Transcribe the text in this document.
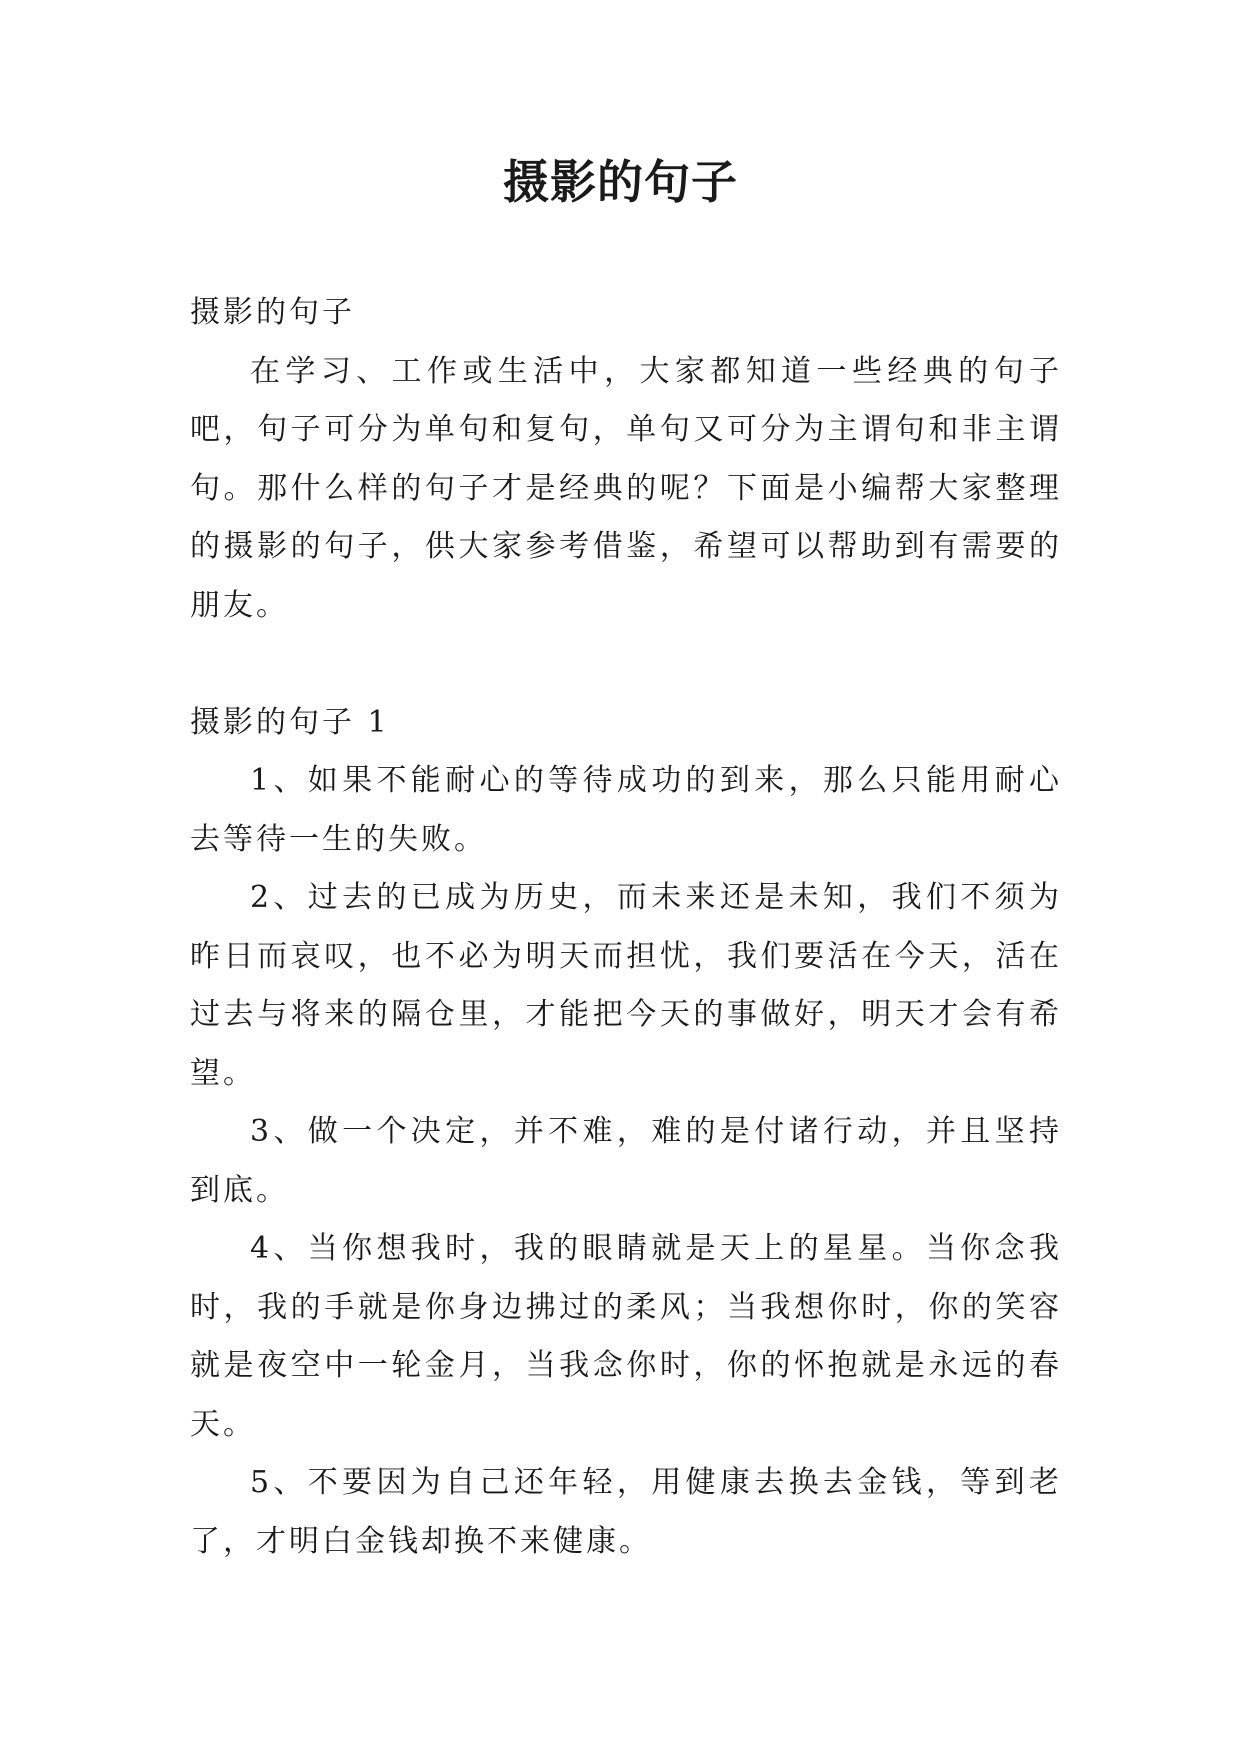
摄影的句子

摄影的句子

在学习、工作或生活中，大家都知道一些经典的句子吧，句子可分为单句和复句，单句又可分为主谓句和非主谓句。那什么样的句子才是经典的呢？下面是小编帮大家整理的摄影的句子，供大家参考借鉴，希望可以帮助到有需要的朋友。

摄影的句子 1

1、如果不能耐心的等待成功的到来，那么只能用耐心去等待一生的失败。

2、过去的已成为历史，而未来还是未知，我们不须为昨日而哀叹，也不必为明天而担忧，我们要活在今天，活在过去与将来的隔仓里，才能把今天的事做好，明天才会有希望。

3、做一个决定，并不难，难的是付诸行动，并且坚持到底。

4、当你想我时，我的眼睛就是天上的星星。当你念我时，我的手就是你身边拂过的柔风；当我想你时，你的笑容就是夜空中一轮金月，当我念你时，你的怀抱就是永远的春天。

5、不要因为自己还年轻，用健康去换去金钱，等到老了，才明白金钱却换不来健康。
